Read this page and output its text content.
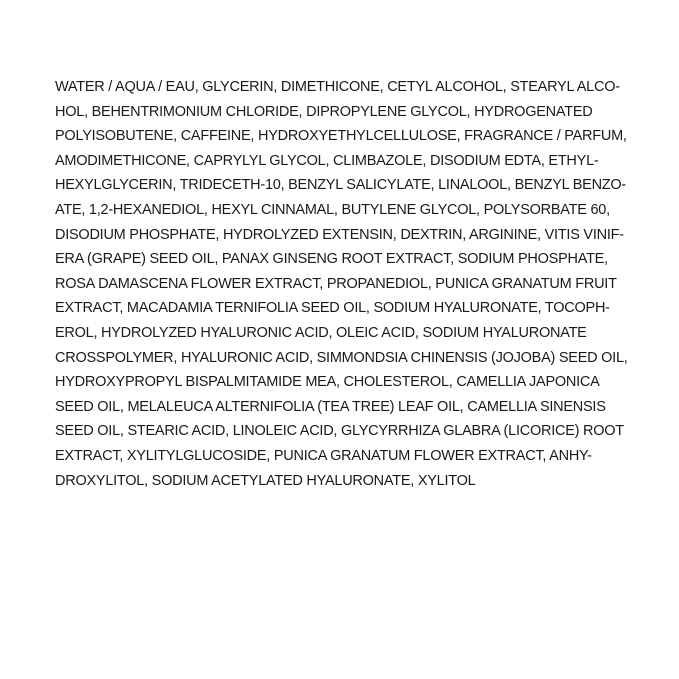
WATER / AQUA / EAU, GLYCERIN, DIMETHICONE, CETYL ALCOHOL, STEARYL ALCO-
HOL, BEHENTRIMONIUM CHLORIDE, DIPROPYLENE GLYCOL, HYDROGENATED
POLYISOBUTENE, CAFFEINE, HYDROXYETHYLCELLULOSE, FRAGRANCE / PARFUM,
AMODIMETHICONE, CAPRYLYL GLYCOL, CLIMBAZOLE, DISODIUM EDTA, ETHYL-
HEXYLGLYCERIN, TRIDECETH-10, BENZYL SALICYLATE, LINALOOL, BENZYL BENZO-
ATE, 1,2-HEXANEDIOL, HEXYL CINNAMAL, BUTYLENE GLYCOL, POLYSORBATE 60,
DISODIUM PHOSPHATE, HYDROLYZED EXTENSIN, DEXTRIN, ARGININE, VITIS VINIF-
ERA (GRAPE) SEED OIL, PANAX GINSENG ROOT EXTRACT, SODIUM PHOSPHATE,
ROSA DAMASCENA FLOWER EXTRACT, PROPANEDIOL, PUNICA GRANATUM FRUIT
EXTRACT, MACADAMIA TERNIFOLIA SEED OIL, SODIUM HYALURONATE, TOCOPH-
EROL, HYDROLYZED HYALURONIC ACID, OLEIC ACID, SODIUM HYALURONATE
CROSSPOLYMER, HYALURONIC ACID, SIMMONDSIA CHINENSIS (JOJOBA) SEED OIL,
HYDROXYPROPYL BISPALMITAMIDE MEA, CHOLESTEROL, CAMELLIA JAPONICA
SEED OIL, MELALEUCA ALTERNIFOLIA (TEA TREE) LEAF OIL, CAMELLIA SINENSIS
SEED OIL, STEARIC ACID, LINOLEIC ACID, GLYCYRRHIZA GLABRA (LICORICE) ROOT
EXTRACT, XYLITYLGLUCOSIDE, PUNICA GRANATUM FLOWER EXTRACT, ANHY-
DROXYLITOL, SODIUM ACETYLATED HYALURONATE, XYLITOL
